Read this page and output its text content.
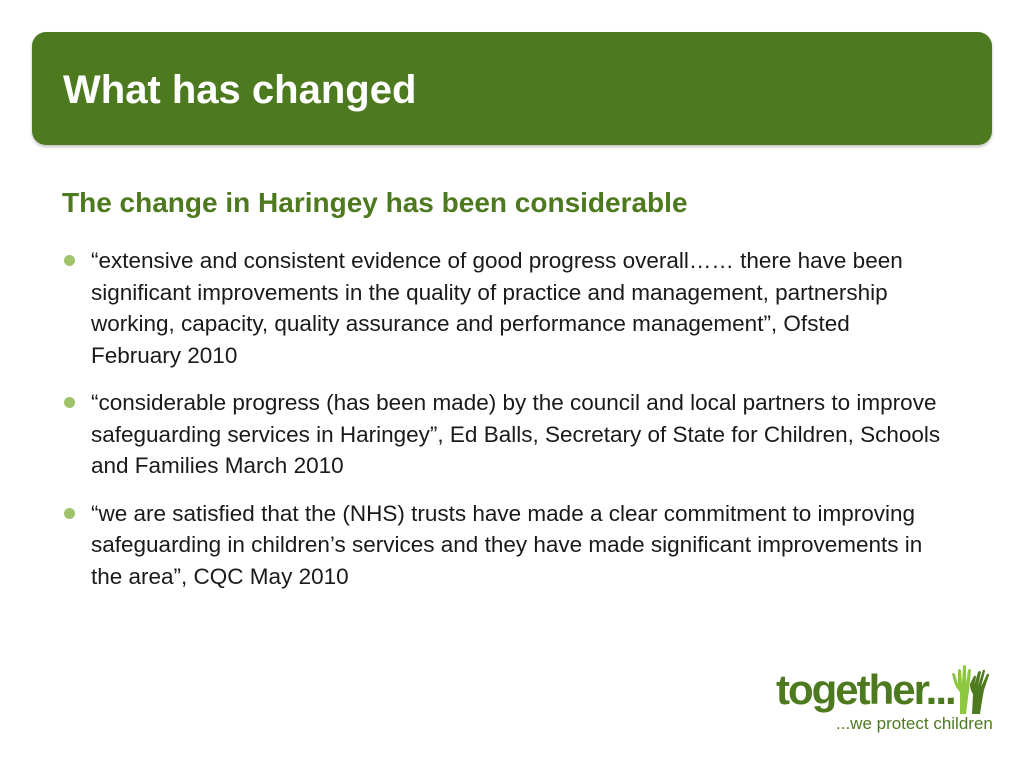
What has changed
The change in Haringey has been considerable
“extensive and consistent evidence of good progress overall…… there have been significant improvements in the quality of practice and management, partnership working, capacity, quality assurance and performance management”, Ofsted February 2010
“considerable progress (has been made) by the council and local partners to improve safeguarding services in Haringey”, Ed Balls, Secretary of State for Children, Schools and Families March 2010
“we are satisfied that the (NHS) trusts have made a clear commitment to improving safeguarding in children’s services and they have made significant improvements in the area”, CQC May 2010

together...

...we protect children
